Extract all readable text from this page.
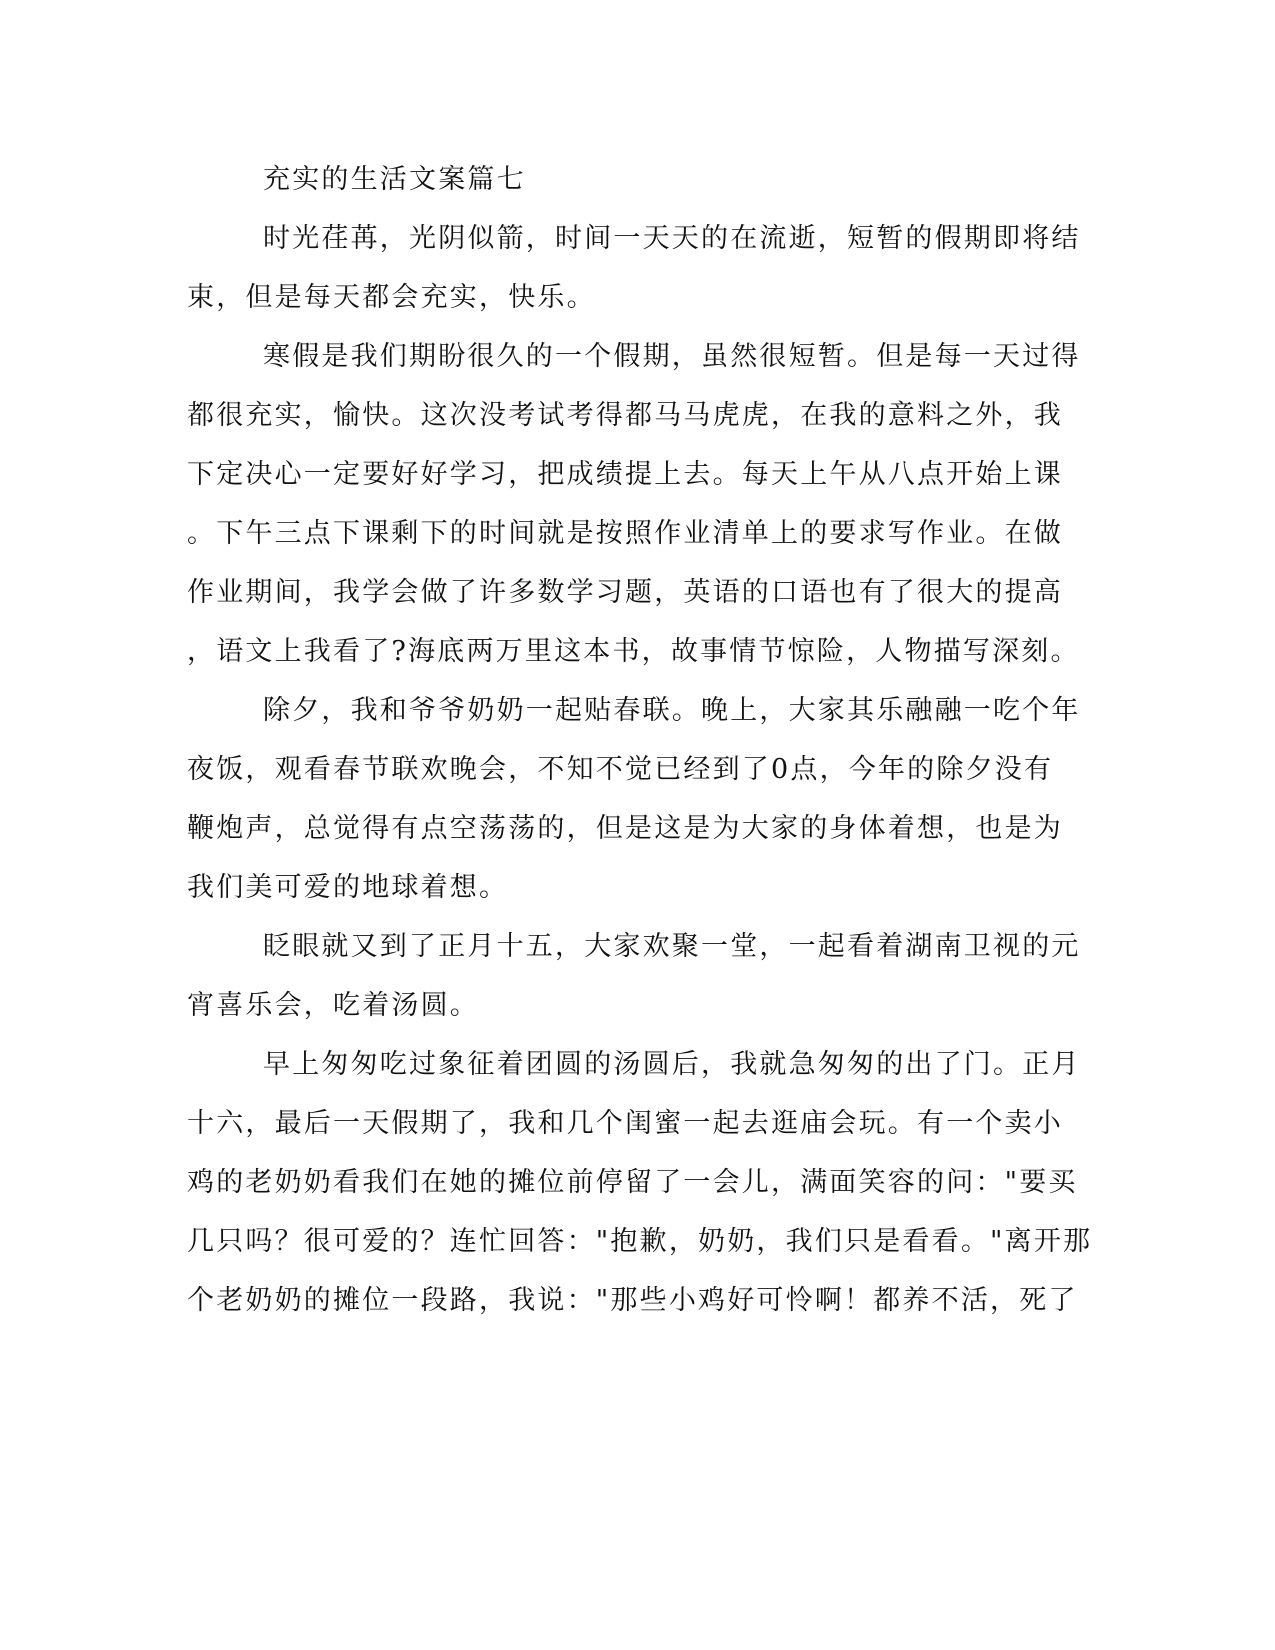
充实的生活文案篇七
时光荏苒，光阴似箭，时间一天天的在流逝，短暂的假期即将结
束，但是每天都会充实，快乐。
寒假是我们期盼很久的一个假期，虽然很短暂。但是每一天过得
都很充实，愉快。这次没考试考得都马马虎虎，在我的意料之外，我
下定决心一定要好好学习，把成绩提上去。每天上午从八点开始上课
。下午三点下课剩下的时间就是按照作业清单上的要求写作业。在做
作业期间，我学会做了许多数学习题，英语的口语也有了很大的提高
，语文上我看了?海底两万里这本书，故事情节惊险，人物描写深刻。
除夕，我和爷爷奶奶一起贴春联。晚上，大家其乐融融一吃个年
夜饭，观看春节联欢晚会，不知不觉已经到了0点，今年的除夕没有
鞭炮声，总觉得有点空荡荡的，但是这是为大家的身体着想，也是为
我们美可爱的地球着想。
眨眼就又到了正月十五，大家欢聚一堂，一起看着湖南卫视的元
宵喜乐会，吃着汤圆。
早上匆匆吃过象征着团圆的汤圆后，我就急匆匆的出了门。正月
十六，最后一天假期了，我和几个闺蜜一起去逛庙会玩。有一个卖小
鸡的老奶奶看我们在她的摊位前停留了一会儿，满面笑容的问："要买
几只吗？很可爱的？连忙回答："抱歉，奶奶，我们只是看看。"离开那
个老奶奶的摊位一段路，我说："那些小鸡好可怜啊！都养不活，死了
